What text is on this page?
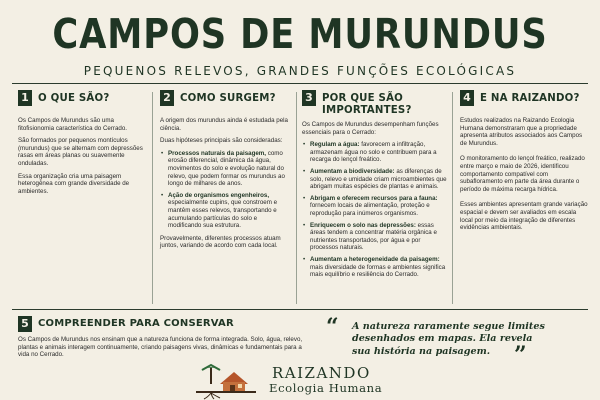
CAMPOS DE MURUNDUS
PEQUENOS RELEVOS, GRANDES FUNÇÕES ECOLÓGICAS
1 O QUE SÃO?

Os Campos de Murundus são uma fitofisionomia característica do Cerrado.

São formados por pequenos montículos (murundus) que se alternam com depressões rasas em áreas planas ou suavemente onduladas.

Essa organização cria uma paisagem heterogênea com grande diversidade de ambientes.

2 COMO SURGEM?

A origem dos murundus ainda é estudada pela ciência.

Duas hipóteses principais são consideradas:

• Processos naturais da paisagem, como erosão diferencial, dinâmica da água, movimentos do solo e evolução natural do relevo, que podem formar os murundus ao longo de milhares de anos.
• Ação de organismos engenheiros, especialmente cupins, que constroem e mantêm esses relevos, transportando e acumulando partículas do solo e modificando sua estrutura.

Provavelmente, diferentes processos atuam juntos, variando de acordo com cada local.

3 POR QUE SÃO IMPORTANTES?

Os Campos de Murundus desempenham funções essenciais para o Cerrado:

• Regulam a água: favorecem a infiltração, armazenam água no solo e contribuem para a recarga do lençol freático.
• Aumentam a biodiversidade: as diferenças de solo, relevo e umidade criam microambientes que abrigam muitas espécies de plantas e animais.
• Abrigam e oferecem recursos para a fauna: fornecem locais de alimentação, proteção e reprodução para inúmeros organismos.
• Enriquecem o solo nas depressões: essas áreas tendem a concentrar matéria orgânica e nutrientes transportados, por água e por processos naturais.
• Aumentam a heterogeneidade da paisagem: mais diversidade de formas e ambientes significa mais equilíbrio e resiliência do Cerrado.
4 E NA RAIZANDO?

Estudos realizados na Raizando Ecologia Humana demonstraram que a propriedade apresenta atributos associados aos Campos de Murundus.

O monitoramento do lençol freático, realizado entre março e maio de 2026, identificou comportamento compatível com subafloramento em parte da área durante o período de máxima recarga hídrica.

Esses ambientes apresentam grande variação espacial e devem ser avaliados em escala local por meio da integração de diferentes evidências ambientais.

5 COMPREENDER PARA CONSERVAR

Os Campos de Murundus nos ensinam que a natureza funciona de forma integrada. Solo, água, relevo, plantas e animais interagem continuamente, criando paisagens vivas, dinâmicas e fundamentais para a vida no Cerrado.

“ A natureza raramente segue limites desenhados em mapas. Ela revela sua história na paisagem.	”
RAIZANDO
Ecologia Humana
